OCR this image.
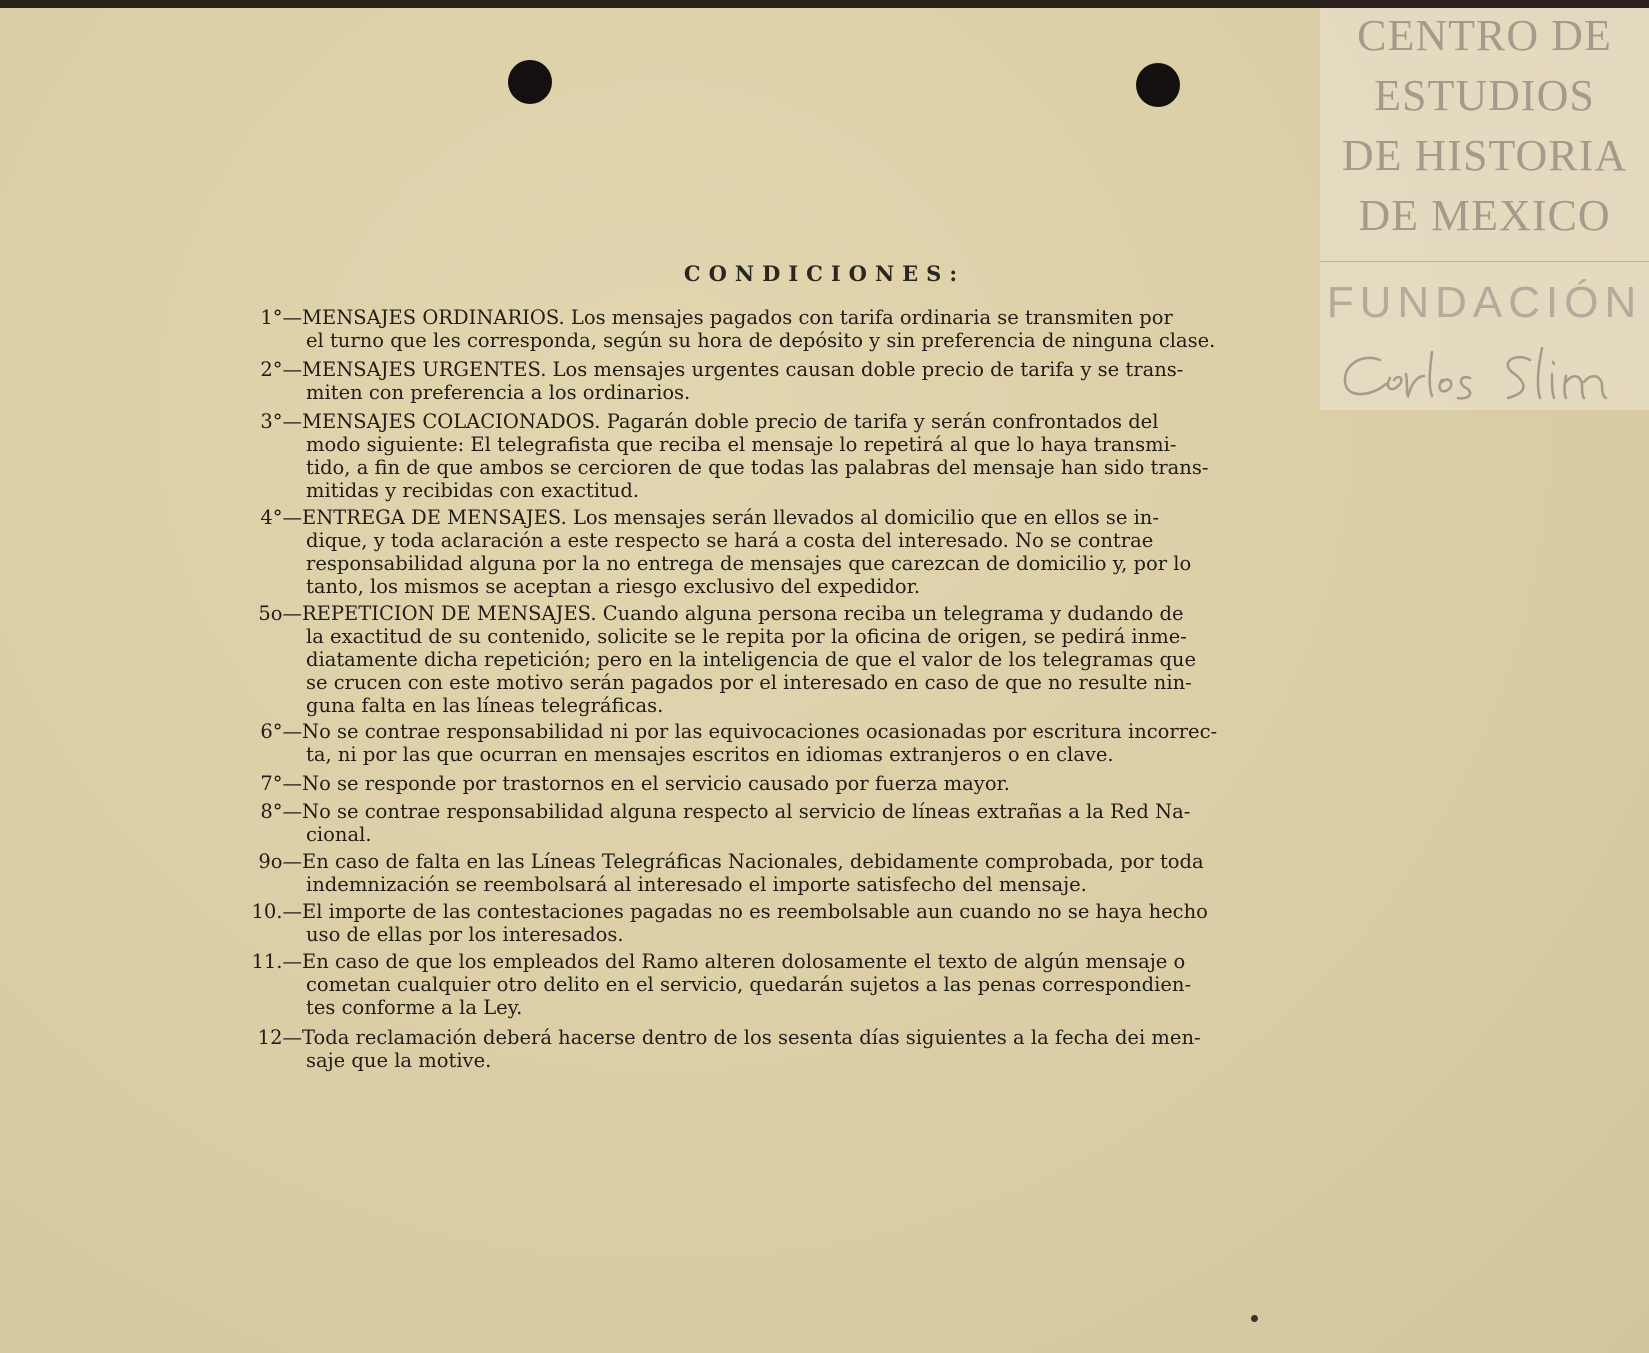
CENTRO DE
ESTUDIOS
DE HISTORIA
DE MEXICO
FUNDACIÓN
CONDICIONES:
1°— MENSAJES ORDINARIOS. Los mensajes pagados con tarifa ordinaria se transmiten por
el turno que les corresponda, según su hora de depósito y sin preferencia de ninguna clase.
2°— MENSAJES URGENTES. Los mensajes urgentes causan doble precio de tarifa y se trans-
miten con preferencia a los ordinarios.
3°— MENSAJES COLACIONADOS. Pagarán doble precio de tarifa y serán confrontados del
modo siguiente: El telegrafista que reciba el mensaje lo repetirá al que lo haya transmi-
tido, a fin de que ambos se cercioren de que todas las palabras del mensaje han sido trans-
mitidas y recibidas con exactitud.
4°— ENTREGA DE MENSAJES. Los mensajes serán llevados al domicilio que en ellos se in-
dique, y toda aclaración a este respecto se hará a costa del interesado. No se contrae
responsabilidad alguna por la no entrega de mensajes que carezcan de domicilio y, por lo
tanto, los mismos se aceptan a riesgo exclusivo del expedidor.
5o— REPETICION DE MENSAJES. Cuando alguna persona reciba un telegrama y dudando de
la exactitud de su contenido, solicite se le repita por la oficina de origen, se pedirá inme-
diatamente dicha repetición; pero en la inteligencia de que el valor de los telegramas que
se crucen con este motivo serán pagados por el interesado en caso de que no resulte nin-
guna falta en las líneas telegráficas.
6°— No se contrae responsabilidad ni por las equivocaciones ocasionadas por escritura incorrec-
ta, ni por las que ocurran en mensajes escritos en idiomas extranjeros o en clave.
7°— No se responde por trastornos en el servicio causado por fuerza mayor.
8°— No se contrae responsabilidad alguna respecto al servicio de líneas extrañas a la Red Na-
cional.
9o— En caso de falta en las Líneas Telegráficas Nacionales, debidamente comprobada, por toda
indemnización se reembolsará al interesado el importe satisfecho del mensaje.
10.— El importe de las contestaciones pagadas no es reembolsable aun cuando no se haya hecho
uso de ellas por los interesados.
11.— En caso de que los empleados del Ramo alteren dolosamente el texto de algún mensaje o
cometan cualquier otro delito en el servicio, quedarán sujetos a las penas correspondien-
tes conforme a la Ley.
12— Toda reclamación deberá hacerse dentro de los sesenta días siguientes a la fecha dei men-
saje que la motive.
